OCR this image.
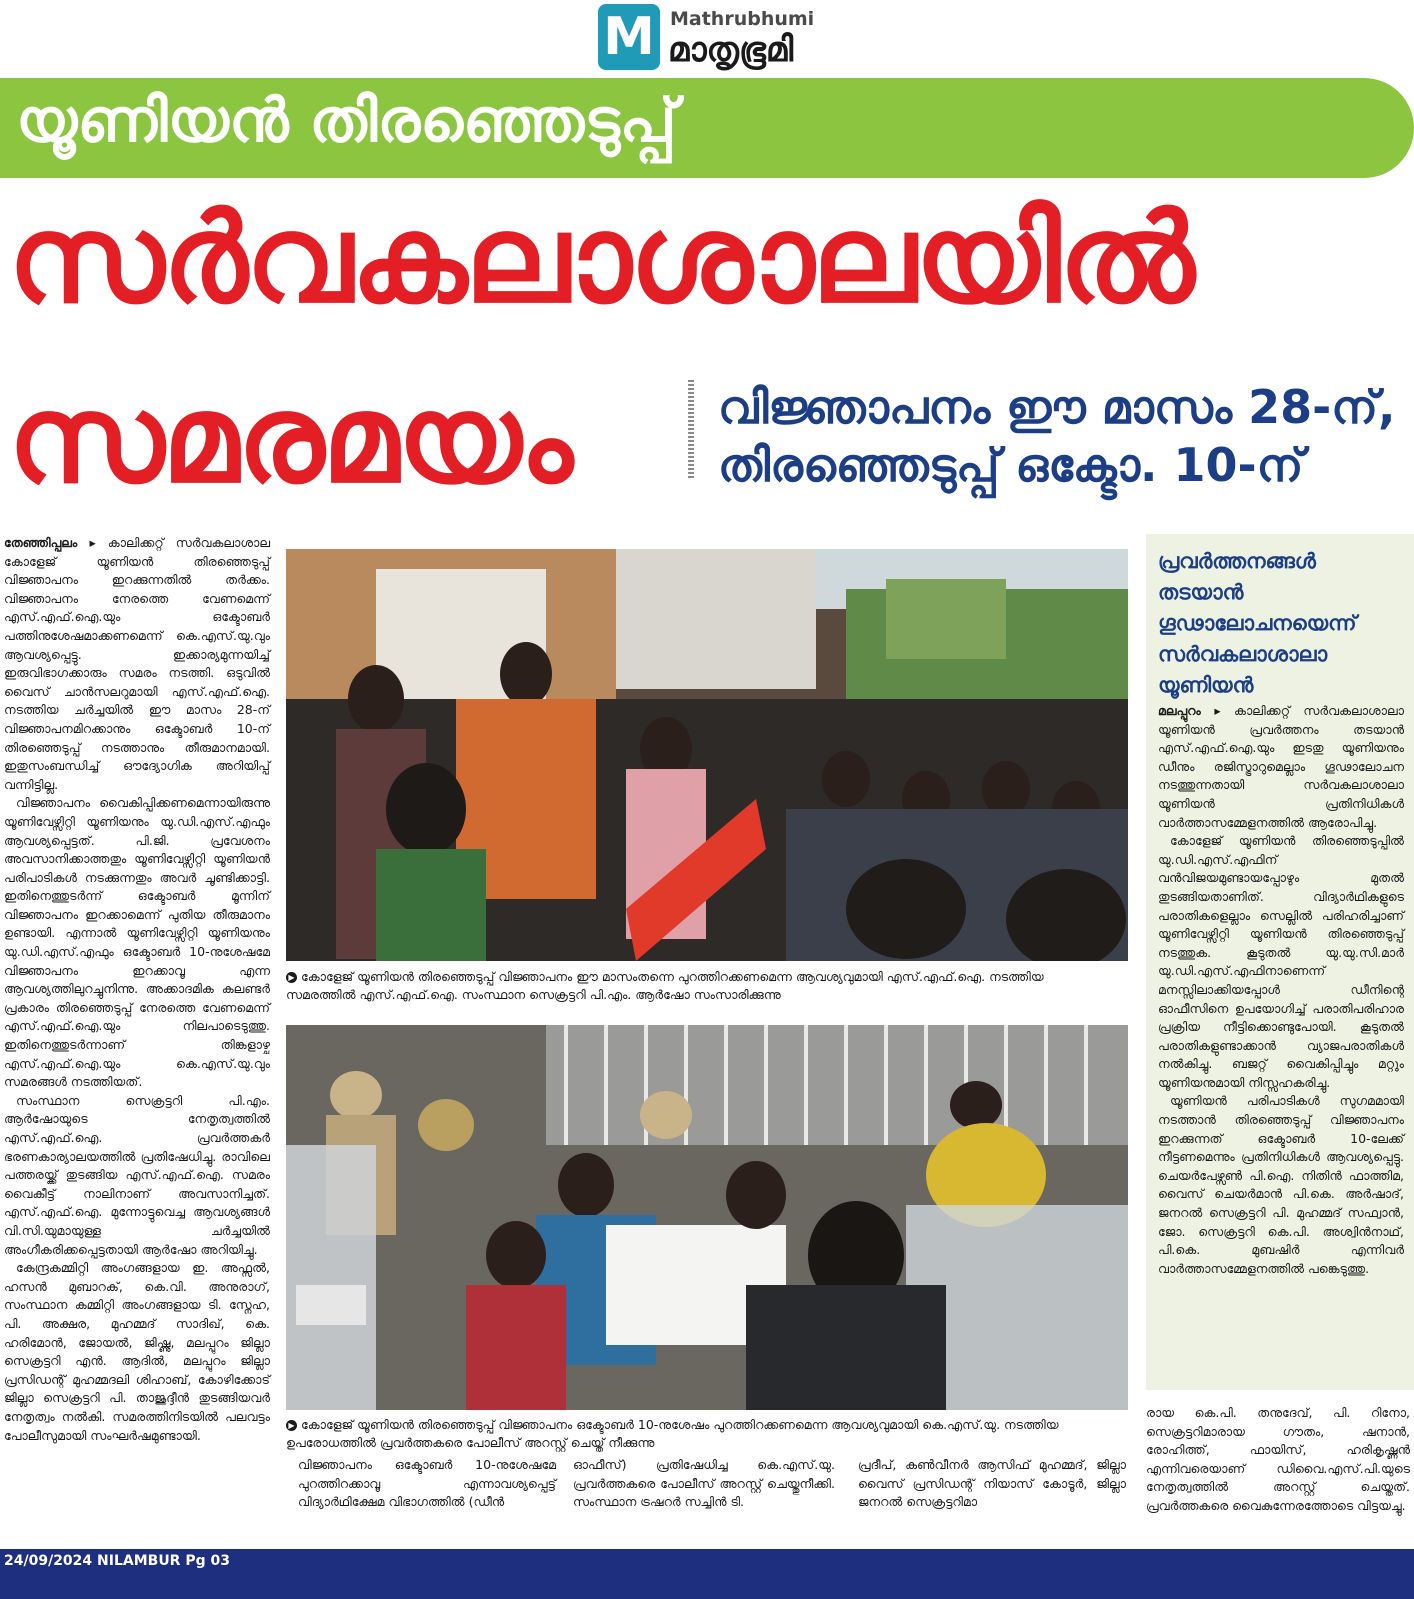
M Mathrubhumi
മാതൃഭൂമി
യൂണിയൻ തിരഞ്ഞെടുപ്പ്
സർവകലാശാലയിൽ
സമരമയം	വിജ്ഞാപനം ഈ മാസം 28-ന്,
തിരഞ്ഞെടുപ്പ് ഒക്ടോ. 10-ന്

തേഞ്ഞിപ്പലം ▸ കാലിക്കറ്റ് സർവകലാശാല കോളേജ് യൂണിയൻ തിരഞ്ഞെടുപ്പ് വിജ്ഞാപനം ഇറക്കുന്നതിൽ തർക്കം. വിജ്ഞാപനം നേരത്തെ വേണമെന്ന് എസ്.എഫ്.ഐ.യും ഒക്ടോബർ പത്തിനുശേഷമാക്കണമെന്ന് കെ.എസ്.യു.വും ആവശ്യപ്പെട്ടു. ഇക്കാര്യമുന്നയിച്ച് ഇരുവിഭാഗക്കാരും സമരം നടത്തി. ഒടുവിൽ വൈസ് ചാൻസലറുമായി എസ്.എഫ്.ഐ. നടത്തിയ ചർച്ചയിൽ ഈ മാസം 28-ന് വിജ്ഞാപനമിറക്കാനും ഒക്ടോബർ 10-ന് തിരഞ്ഞെടുപ്പ് നടത്താനും തീരുമാനമായി. ഇതുസംബന്ധിച്ച് ഔദ്യോഗിക അറിയിപ്പ് വന്നിട്ടില്ല.

വിജ്ഞാപനം വൈകിപ്പിക്കണമെന്നായിരുന്നു യൂണിവേഴ്സിറ്റി യൂണിയനും യു.ഡി.എസ്.എഫും ആവശ്യപ്പെട്ടത്. പി.ജി. പ്രവേശനം അവസാനിക്കാത്തതും യൂണിവേഴ്സിറ്റി യൂണിയൻ പരിപാടികൾ നടക്കുന്നതും അവർ ചൂണ്ടിക്കാട്ടി. ഇതിനെത്തുടർന്ന് ഒക്ടോബർ മൂന്നിന് വിജ്ഞാപനം ഇറക്കാമെന്ന് പുതിയ തീരുമാനം ഉണ്ടായി. എന്നാൽ യൂണിവേഴ്സിറ്റി യൂണിയനും യു.ഡി.എസ്.എഫും ഒക്ടോബർ 10-നുശേഷമേ വിജ്ഞാപനം ഇറക്കാവൂ എന്ന ആവശ്യത്തിലുറച്ചുനിന്നു. അക്കാദമിക കലണ്ടർ പ്രകാരം തിരഞ്ഞെടുപ്പ് നേരത്തെ വേണമെന്ന് എസ്.എഫ്.ഐ.യും നിലപാടെടുത്തു. ഇതിനെത്തുടർന്നാണ് തിങ്കളാഴ്ച എസ്.എഫ്.ഐ.യും കെ.എസ്.യു.വും സമരങ്ങൾ നടത്തിയത്.

സംസ്ഥാന സെക്രട്ടറി പി.എം. ആർഷോയുടെ നേതൃത്വത്തിൽ എസ്.എഫ്.ഐ. പ്രവർത്തകർ ഭരണകാര്യാലയത്തിൽ പ്രതിഷേധിച്ചു. രാവിലെ പത്തരയ്ക്ക് തുടങ്ങിയ എസ്.എഫ്.ഐ. സമരം വൈകീട്ട് നാലിനാണ് അവസാനിച്ചത്. എസ്.എഫ്.ഐ. മുന്നോട്ടുവെച്ച ആവശ്യങ്ങൾ വി.സി.യുമായുള്ള ചർച്ചയിൽ അംഗീകരിക്കപ്പെട്ടതായി ആർഷോ അറിയിച്ചു.

കേന്ദ്രകമ്മിറ്റി അംഗങ്ങളായ ഇ. അഫ്സൽ, ഹസൻ മുബാറക്, കെ.വി. അനുരാഗ്, സംസ്ഥാന കമ്മിറ്റി അംഗങ്ങളായ ടി. സ്നേഹ, പി. അക്ഷര, മുഹമ്മദ് സാദിഖ്, കെ. ഹരിമോൻ, ജോയൽ, ജിഷ്ണു, മലപ്പുറം ജില്ലാ സെക്രട്ടറി എൻ. ആദിൽ, മലപ്പുറം ജില്ലാ പ്രസിഡന്റ് മുഹമ്മദലി ശിഹാബ്, കോഴിക്കോട് ജില്ലാ സെക്രട്ടറി പി. താജുദ്ദീൻ തുടങ്ങിയവർ നേതൃത്വം നൽകി. സമരത്തിനിടയിൽ പലവട്ടം പോലീസുമായി സംഘർഷമുണ്ടായി.

▶ കോളേജ് യൂണിയൻ തിരഞ്ഞെടുപ്പ് വിജ്ഞാപനം ഈ മാസംതന്നെ പുറത്തിറക്കണമെന്ന ആവശ്യവുമായി എസ്.എഫ്.ഐ. നടത്തിയ സമരത്തിൽ എസ്.എഫ്.ഐ. സംസ്ഥാന സെക്രട്ടറി പി.എം. ആർഷോ സംസാരിക്കുന്നു
▶ കോളേജ് യൂണിയൻ തിരഞ്ഞെടുപ്പ് വിജ്ഞാപനം ഒക്ടോബർ 10-നുശേഷം പുറത്തിറക്കണമെന്ന ആവശ്യവുമായി കെ.എസ്.യു. നടത്തിയ ഉപരോധത്തിൽ പ്രവർത്തകരെ പോലീസ് അറസ്റ്റ് ചെയ്ത് നീക്കുന്നു
വിജ്ഞാപനം ഒക്ടോബർ 10-നുശേഷമേ പുറത്തിറക്കാവൂ എന്നാവശ്യപ്പെട്ട് വിദ്യാർഥിക്ഷേമ വിഭാഗത്തിൽ (ഡീൻ
ഓഫീസ്) പ്രതിഷേധിച്ച കെ.എസ്.യു. പ്രവർത്തകരെ പോലീസ് അറസ്റ്റ് ചെയ്തുനീക്കി. സംസ്ഥാന ട്രഷറർ സച്ചിൻ ടി.
പ്രദീപ്, കൺവീനർ ആസിഫ് മുഹമ്മദ്, ജില്ലാ വൈസ് പ്രസിഡന്റ് നിയാസ് കോടൂർ, ജില്ലാ ജനറൽ സെക്രട്ടറിമാ
രായ കെ.പി. തനുദേവ്, പി. റിനോ, സെക്രട്ടറിമാരായ ഗൗതം, ഷനാൻ, രോഹിത്ത്, ഫായിസ്, ഹരികൃഷ്ണൻ എന്നിവരെയാണ് ഡിവൈ.എസ്.പി.യുടെ നേതൃത്വത്തിൽ അറസ്റ്റ് ചെയ്തത്. പ്രവർത്തകരെ വൈകുന്നേരത്തോടെ വിട്ടയച്ചു.
പ്രവർത്തനങ്ങൾ തടയാൻ ഗൂഢാലോചനയെന്ന് സർവകലാശാലാ യൂണിയൻ

മലപ്പുറം ▸ കാലിക്കറ്റ് സർവകലാശാലാ യൂണിയൻ പ്രവർത്തനം തടയാൻ എസ്.എഫ്.ഐ.യും ഇടതു യൂണിയനും ഡീനും രജിസ്ട്രാറുമെല്ലാം ഗൂഢാലോചന നടത്തുന്നതായി സർവകലാശാലാ യൂണിയൻ പ്രതിനിധികൾ വാർത്താസമ്മേളനത്തിൽ ആരോപിച്ചു.

കോളേജ് യൂണിയൻ തിരഞ്ഞെടുപ്പിൽ യു.ഡി.എസ്.എഫിന് വൻവിജയമുണ്ടായപ്പോഴും മുതൽ തുടങ്ങിയതാണിത്. വിദ്യാർഥികളുടെ പരാതികളെല്ലാം സെല്ലിൽ പരിഹരിച്ചാണ് യൂണിവേഴ്സിറ്റി യൂണിയൻ തിരഞ്ഞെടുപ്പ് നടത്തുക. കൂടുതൽ യു.യു.സി.മാർ യു.ഡി.എസ്.എഫിനാണെന്ന് മനസ്സിലാക്കിയപ്പോൾ ഡീനിന്റെ ഓഫീസിനെ ഉപയോഗിച്ച് പരാതിപരിഹാര പ്രക്രിയ നീട്ടിക്കൊണ്ടുപോയി. കൂടുതൽ പരാതികളുണ്ടാക്കാൻ വ്യാജപരാതികൾ നൽകിച്ചു. ബജറ്റ് വൈകിപ്പിച്ചും മറ്റും യൂണിയനുമായി നിസ്സഹകരിച്ചു.

യൂണിയൻ പരിപാടികൾ സുഗമമായി നടത്താൻ തിരഞ്ഞെടുപ്പ് വിജ്ഞാപനം ഇറക്കുന്നത് ഒക്ടോബർ 10-ലേക്ക് നീട്ടണമെന്നും പ്രതിനിധികൾ ആവശ്യപ്പെട്ടു. ചെയർപേഴ്സൺ പി.ഐ. നിതിൻ ഫാത്തിമ, വൈസ് ചെയർമാൻ പി.കെ. അർഷാദ്, ജനറൽ സെക്രട്ടറി പി. മുഹമ്മദ് സഫ്വാൻ, ജോ. സെക്രട്ടറി കെ.പി. അശ്വിൻനാഥ്, പി.കെ. മുബഷിർ എന്നിവർ വാർത്താസമ്മേളനത്തിൽ പങ്കെടുത്തു.

24/09/2024 NILAMBUR Pg 03
